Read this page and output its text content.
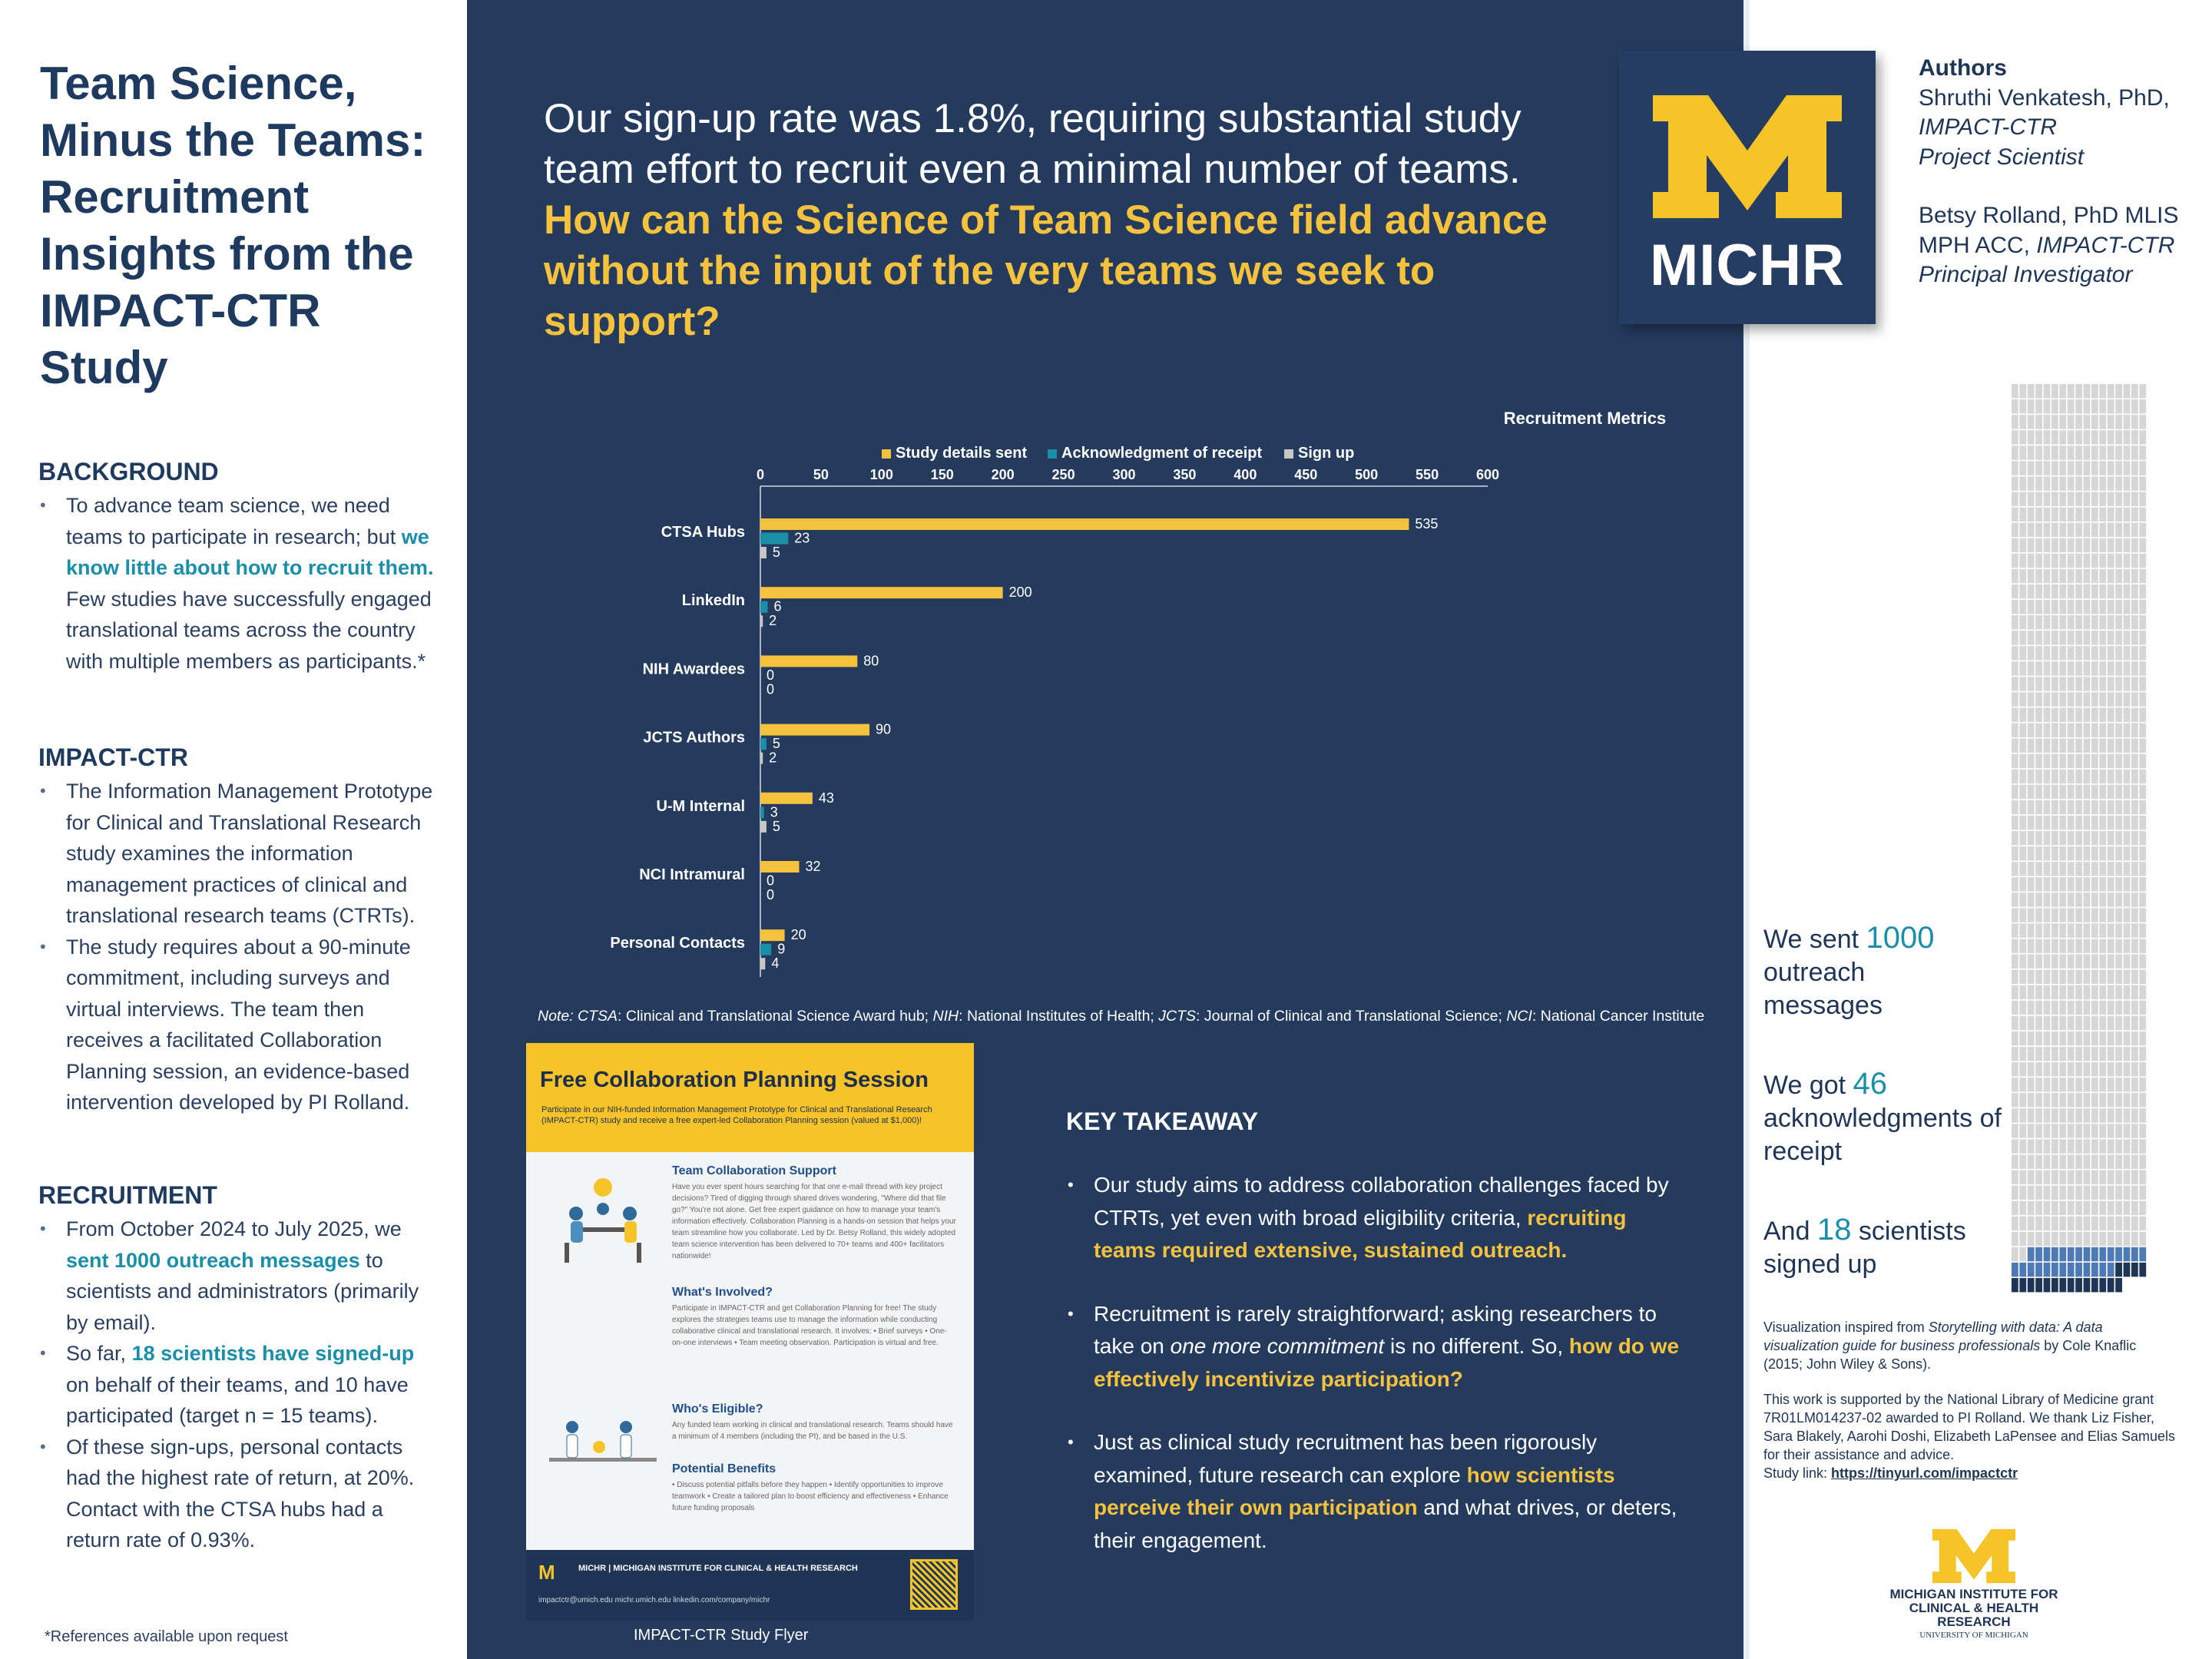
Team Science, Minus the Teams: Recruitment Insights from the IMPACT-CTR Study
BACKGROUND
• To advance team science, we need teams to participate in research; but we know little about how to recruit them. Few studies have successfully engaged translational teams across the country with multiple members as participants.*
IMPACT-CTR
• The Information Management Prototype for Clinical and Translational Research study examines the information management practices of clinical and translational research teams (CTRTs).
• The study requires about a 90-minute commitment, including surveys and virtual interviews. The team then receives a facilitated Collaboration Planning session, an evidence-based intervention developed by PI Rolland.
RECRUITMENT
• From October 2024 to July 2025, we sent 1000 outreach messages to scientists and administrators (primarily by email).
• So far, 18 scientists have signed-up on behalf of their teams, and 10 have participated (target n = 15 teams).
• Of these sign-ups, personal contacts had the highest rate of return, at 20%. Contact with the CTSA hubs had a return rate of 0.93%.
*References available upon request
Our sign-up rate was 1.8%, requiring substantial study team effort to recruit even a minimal number of teams. How can the Science of Team Science field advance without the input of the very teams we seek to support?
Recruitment Metrics
Study details sent Acknowledgment of receipt Sign up
0	50	100	150	200	250	300	350	400	450	500	550	600
CTSA Hubs	535
23
5
LinkedIn	200
6
2
NIH Awardees	80
0
0
JCTS Authors	90
5
2
U-M Internal	43
3
5
NCI Intramural	32
0
0
Personal Contacts	20
9
4
Note: CTSA: Clinical and Translational Science Award hub; NIH: National Institutes of Health; JCTS: Journal of Clinical and Translational Science; NCI: National Cancer Institute
Free Collaboration Planning Session
Participate in our NIH-funded Information Management Prototype for Clinical and Translational Research (IMPACT-CTR) study and receive a free expert-led Collaboration Planning session (valued at $1,000)!
Team Collaboration Support
Have you ever spent hours searching for that one e-mail thread with key project decisions? Tired of digging through shared drives wondering, "Where did that file go?" You're not alone. Get free expert guidance on how to manage your team's information effectively. Collaboration Planning is a hands-on session that helps your team streamline how you collaborate. Led by Dr. Betsy Rolland, this widely adopted team science intervention has been delivered to 70+ teams and 400+ facilitators nationwide!
What's Involved?
Participate in IMPACT-CTR and get Collaboration Planning for free! The study explores the strategies teams use to manage the information while conducting collaborative clinical and translational research. It involves: • Brief surveys • One-on-one interviews • Team meeting observation. Participation is virtual and free.
Who's Eligible?
Any funded team working in clinical and translational research. Teams should have a minimum of 4 members (including the PI), and be based in the U.S.
Potential Benefits
• Discuss potential pitfalls before they happen • Identify opportunities to improve teamwork • Create a tailored plan to boost efficiency and effectiveness • Enhance future funding proposals
M	MICHR | MICHIGAN INSTITUTE FOR CLINICAL & HEALTH RESEARCH
impactctr@umich.edu michr.umich.edu linkedin.com/company/michr
IMPACT-CTR Study Flyer
KEY TAKEAWAY
• Our study aims to address collaboration challenges faced by CTRTs, yet even with broad eligibility criteria, recruiting teams required extensive, sustained outreach.
• Recruitment is rarely straightforward; asking researchers to take on one more commitment is no different. So, how do we effectively incentivize participation?
• Just as clinical study recruitment has been rigorously examined, future research can explore how scientists perceive their own participation and what drives, or deters, their engagement.
MICHR
Authors
Shruthi Venkatesh, PhD, IMPACT-CTR
Project Scientist
Betsy Rolland, PhD MLIS MPH ACC, IMPACT-CTR
Principal Investigator
We sent 1000
outreach messages
We got 46
acknowledgments of receipt
And 18 scientists signed up
Visualization inspired from Storytelling with data: A data visualization guide for business professionals by Cole Knaflic (2015; John Wiley & Sons).
This work is supported by the National Library of Medicine grant 7R01LM014237-02 awarded to PI Rolland. We thank Liz Fisher, Sara Blakely, Aarohi Doshi, Elizabeth LaPensee and Elias Samuels for their assistance and advice.
Study link: https://tinyurl.com/impactctr
MICHIGAN INSTITUTE FOR CLINICAL & HEALTH RESEARCH
UNIVERSITY OF MICHIGAN
